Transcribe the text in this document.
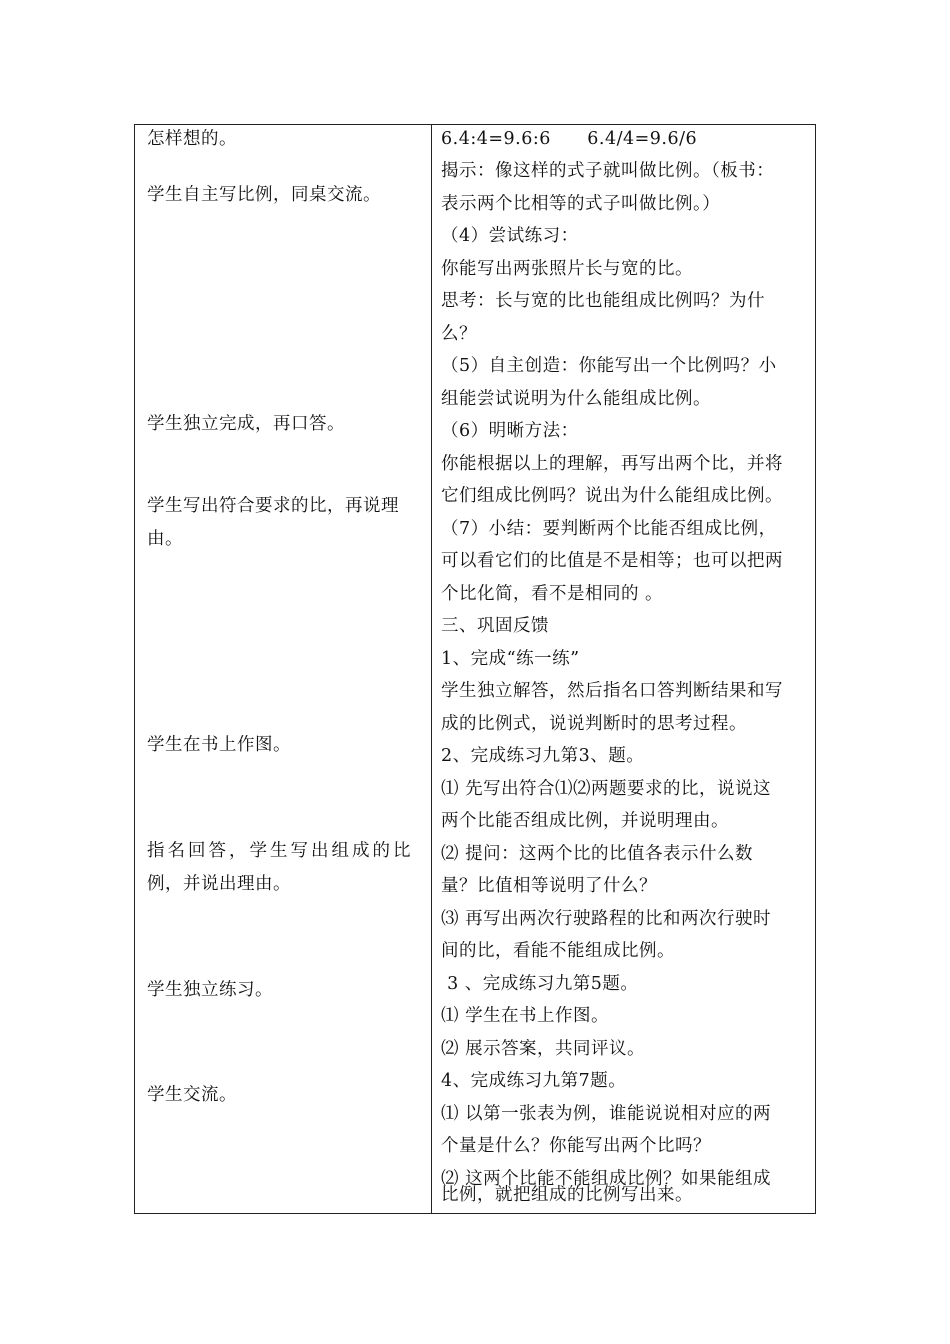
怎样想的。
学生自主写比例，同桌交流。
学生独立完成，再口答。
学生写出符合要求的比，再说理
由。
学生在书上作图。
指名回答，学生写出组成的比
例，并说出理由。
学生独立练习。
学生交流。
6.4:4=9.6:6      6.4/4=9.6/6
揭示：像这样的式子就叫做比例。（板书：
表示两个比相等的式子叫做比例。）
（4）尝试练习：
你能写出两张照片长与宽的比。
思考：长与宽的比也能组成比例吗？为什
么？
（5）自主创造：你能写出一个比例吗？小
组能尝试说明为什么能组成比例。
（6）明晰方法：
你能根据以上的理解，再写出两个比，并将
它们组成比例吗？说出为什么能组成比例。
（7）小结：要判断两个比能否组成比例，
可以看它们的比值是不是相等；也可以把两
个比化简，看不是相同的 。
三、巩固反馈
1、完成“练一练”
学生独立解答，然后指名口答判断结果和写
成的比例式，说说判断时的思考过程。
2、完成练习九第3、题。
⑴ 先写出符合⑴⑵两题要求的比，说说这
两个比能否组成比例，并说明理由。
⑵ 提问：这两个比的比值各表示什么数
量？比值相等说明了什么？
⑶ 再写出两次行驶路程的比和两次行驶时
间的比，看能不能组成比例。
3 、完成练习九第5题。
⑴ 学生在书上作图。
⑵ 展示答案，共同评议。
4、完成练习九第7题。
⑴ 以第一张表为例，谁能说说相对应的两
个量是什么？你能写出两个比吗？
⑵ 这两个比能不能组成比例？如果能组成
比例，就把组成的比例写出来。
